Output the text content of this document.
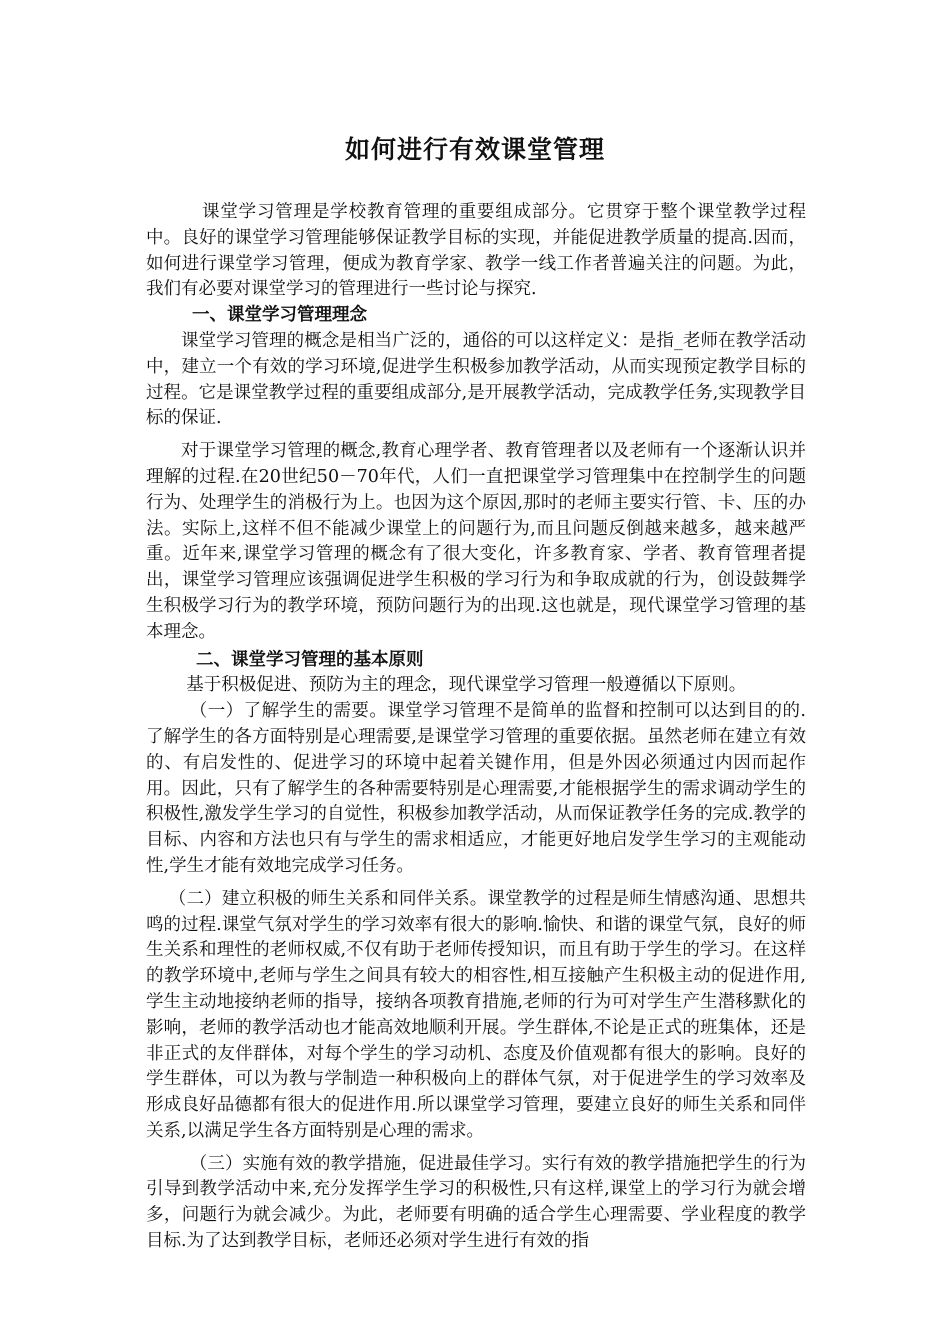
如何进行有效课堂管理

课堂学习管理是学校教育管理的重要组成部分。它贯穿于整个课堂教学过程中。良好的课堂学习管理能够保证教学目标的实现，并能促进教学质量的提高.因而，如何进行课堂学习管理，便成为教育学家、教学一线工作者普遍关注的问题。为此，我们有必要对课堂学习的管理进行一些讨论与探究.

一、课堂学习管理理念

课堂学习管理的概念是相当广泛的，通俗的可以这样定义：是指_老师在教学活动中，建立一个有效的学习环境,促进学生积极参加教学活动，从而实现预定教学目标的过程。它是课堂教学过程的重要组成部分,是开展教学活动，完成教学任务,实现教学目标的保证.

对于课堂学习管理的概念,教育心理学者、教育管理者以及老师有一个逐渐认识并理解的过程.在20世纪50－70年代，人们一直把课堂学习管理集中在控制学生的问题行为、处理学生的消极行为上。也因为这个原因,那时的老师主要实行管、卡、压的办法。实际上,这样不但不能减少课堂上的问题行为,而且问题反倒越来越多，越来越严重。近年来,课堂学习管理的概念有了很大变化，许多教育家、学者、教育管理者提出，课堂学习管理应该强调促进学生积极的学习行为和争取成就的行为，创设鼓舞学生积极学习行为的教学环境，预防问题行为的出现.这也就是，现代课堂学习管理的基本理念。

二、课堂学习管理的基本原则

基于积极促进、预防为主的理念，现代课堂学习管理一般遵循以下原则。

（一）了解学生的需要。课堂学习管理不是简单的监督和控制可以达到目的的.了解学生的各方面特别是心理需要,是课堂学习管理的重要依据。虽然老师在建立有效的、有启发性的、促进学习的环境中起着关键作用，但是外因必须通过内因而起作用。因此，只有了解学生的各种需要特别是心理需要,才能根据学生的需求调动学生的积极性,激发学生学习的自觉性，积极参加教学活动，从而保证教学任务的完成.教学的目标、内容和方法也只有与学生的需求相适应，才能更好地启发学生学习的主观能动性,学生才能有效地完成学习任务。

（二）建立积极的师生关系和同伴关系。课堂教学的过程是师生情感沟通、思想共鸣的过程.课堂气氛对学生的学习效率有很大的影响.愉快、和谐的课堂气氛，良好的师生关系和理性的老师权威,不仅有助于老师传授知识，而且有助于学生的学习。在这样的教学环境中,老师与学生之间具有较大的相容性,相互接触产生积极主动的促进作用,学生主动地接纳老师的指导，接纳各项教育措施,老师的行为可对学生产生潜移默化的影响，老师的教学活动也才能高效地顺利开展。学生群体,不论是正式的班集体，还是非正式的友伴群体，对每个学生的学习动机、态度及价值观都有很大的影响。良好的学生群体，可以为教与学制造一种积极向上的群体气氛，对于促进学生的学习效率及形成良好品德都有很大的促进作用.所以课堂学习管理，要建立良好的师生关系和同伴关系,以满足学生各方面特别是心理的需求。

（三）实施有效的教学措施，促进最佳学习。实行有效的教学措施把学生的行为引导到教学活动中来,充分发挥学生学习的积极性,只有这样,课堂上的学习行为就会增多，问题行为就会减少。为此，老师要有明确的适合学生心理需要、学业程度的教学目标.为了达到教学目标，老师还必须对学生进行有效的指
